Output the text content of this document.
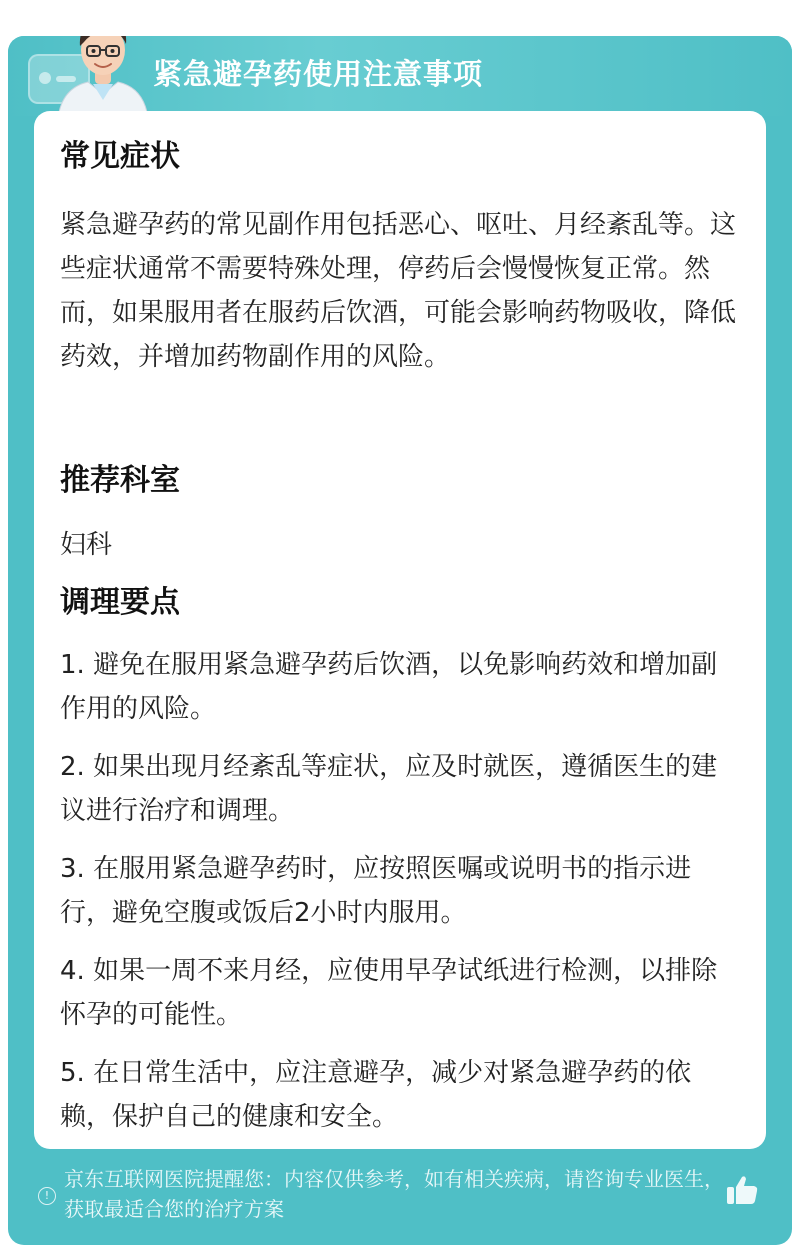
紧急避孕药使用注意事项
常见症状

紧急避孕药的常见副作用包括恶心、呕吐、月经紊乱等。这些症状通常不需要特殊处理，停药后会慢慢恢复正常。然而，如果服用者在服药后饮酒，可能会影响药物吸收，降低药效，并增加药物副作用的风险。

推荐科室

妇科

调理要点

1. 避免在服用紧急避孕药后饮酒，以免影响药效和增加副作用的风险。

2. 如果出现月经紊乱等症状，应及时就医，遵循医生的建议进行治疗和调理。

3. 在服用紧急避孕药时，应按照医嘱或说明书的指示进行，避免空腹或饭后2小时内服用。

4. 如果一周不来月经，应使用早孕试纸进行检测，以排除怀孕的可能性。

5. 在日常生活中，应注意避孕，减少对紧急避孕药的依赖，保护自己的健康和安全。

!

京东互联网医院提醒您：内容仅供参考，如有相关疾病，请咨询专业医生，获取最适合您的治疗方案
